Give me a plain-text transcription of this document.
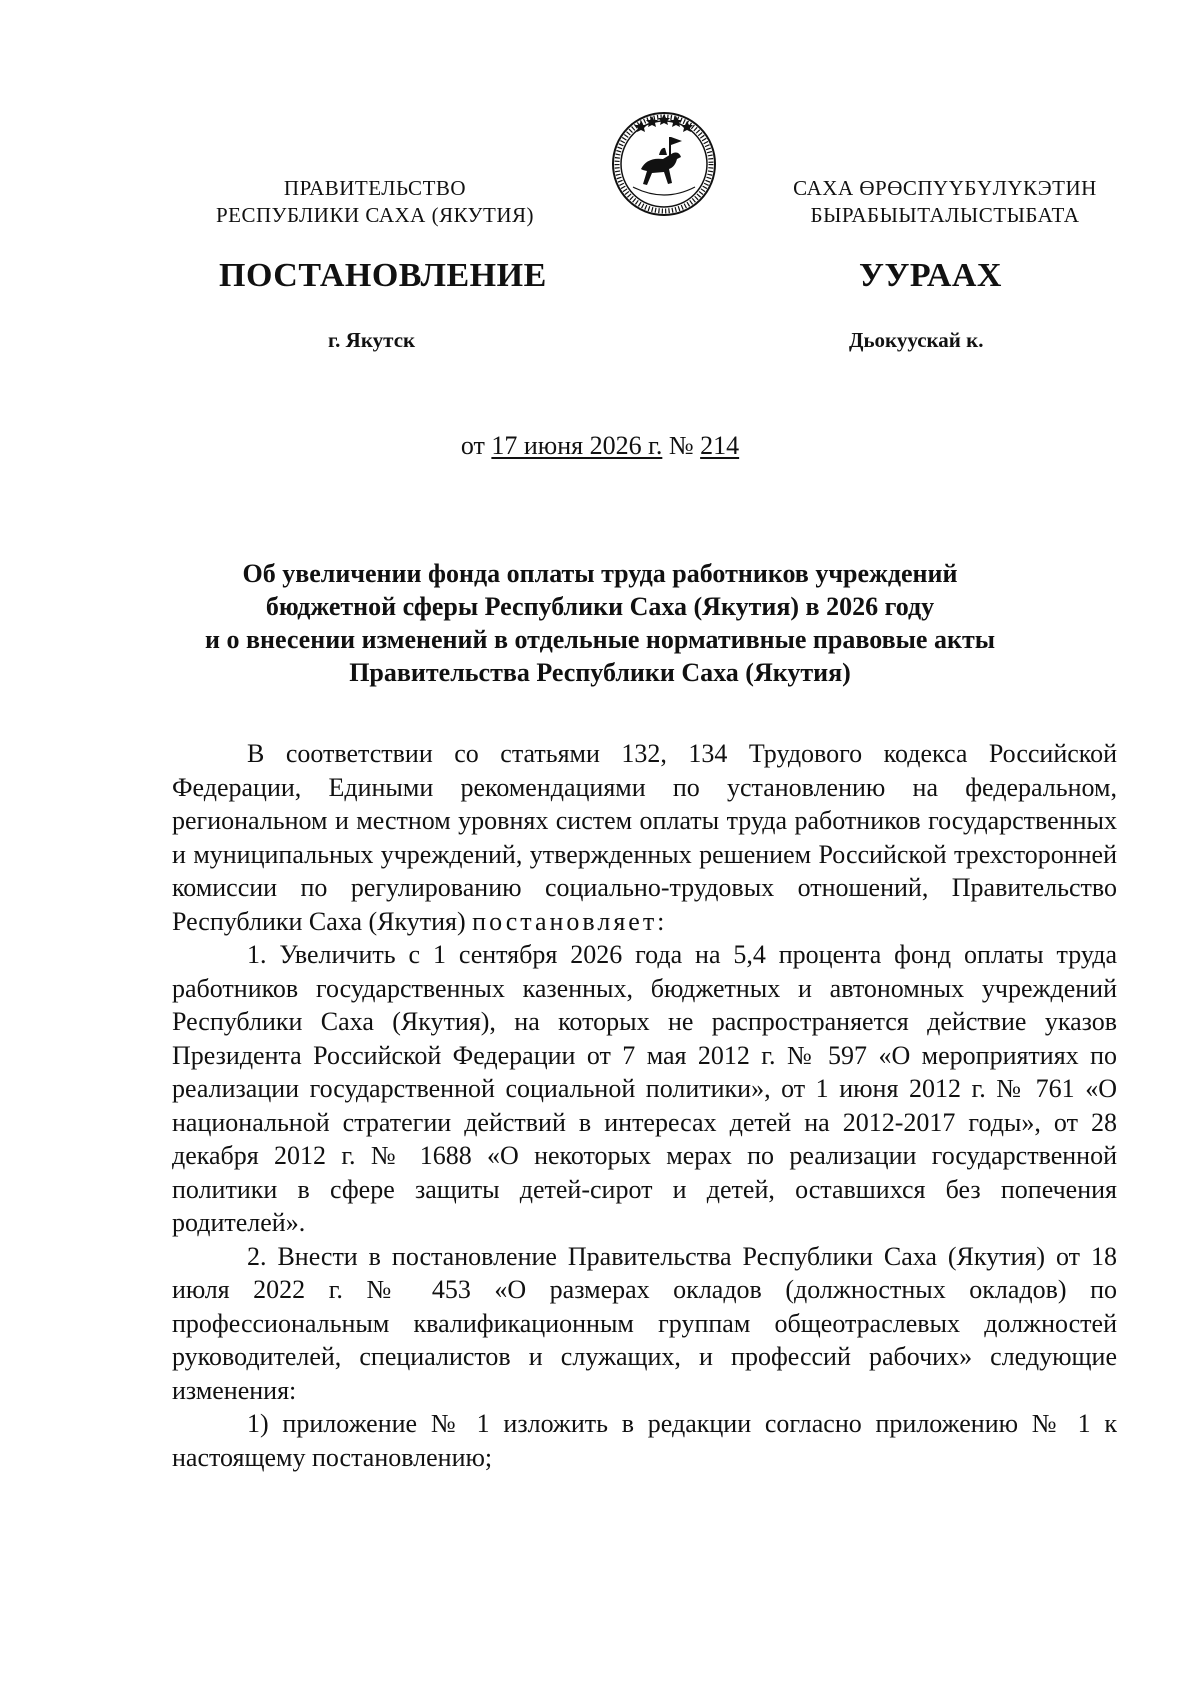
ПРАВИТЕЛЬСТВО
РЕСПУБЛИКИ САХА (ЯКУТИЯ)
САХА ӨРӨСПҮҮБҮЛҮКЭТИН
БЫРАБЫЫТАЛЫСТЫБАТА
ПОСТАНОВЛЕНИЕ	УУРААХ
г. Якутск	Дьокуускай к.
от 17 июня 2026 г. № 214
Об увеличении фонда оплаты труда работников учреждений
бюджетной сферы Республики Саха (Якутия) в 2026 году
и о внесении изменений в отдельные нормативные правовые акты
Правительства Республики Саха (Якутия)

В соответствии со статьями 132, 134 Трудового кодекса Российской Федерации, Едиными рекомендациями по установлению на федеральном, региональном и местном уровнях систем оплаты труда работников государственных и муниципальных учреждений, утвержденных решением Российской трехсторонней комиссии по регулированию социально-трудовых отношений, Правительство Республики Саха (Якутия) постановляет:

1. Увеличить с 1 сентября 2026 года на 5,4 процента фонд оплаты труда работников государственных казенных, бюджетных и автономных учреждений Республики Саха (Якутия), на которых не распространяется действие указов Президента Российской Федерации от 7 мая 2012 г. № 597 «О мероприятиях по реализации государственной социальной политики», от 1 июня 2012 г. № 761 «О национальной стратегии действий в интересах детей на 2012-2017 годы», от 28 декабря 2012 г. № 1688 «О некоторых мерах по реализации государственной политики в сфере защиты детей-сирот и детей, оставшихся без попечения родителей».

2. Внести в постановление Правительства Республики Саха (Якутия) от 18 июля 2022 г. № 453 «О размерах окладов (должностных окладов) по профессиональным квалификационным группам общеотраслевых должностей руководителей, специалистов и служащих, и профессий рабочих» следующие изменения:

1) приложение № 1 изложить в редакции согласно приложению № 1 к настоящему постановлению;
